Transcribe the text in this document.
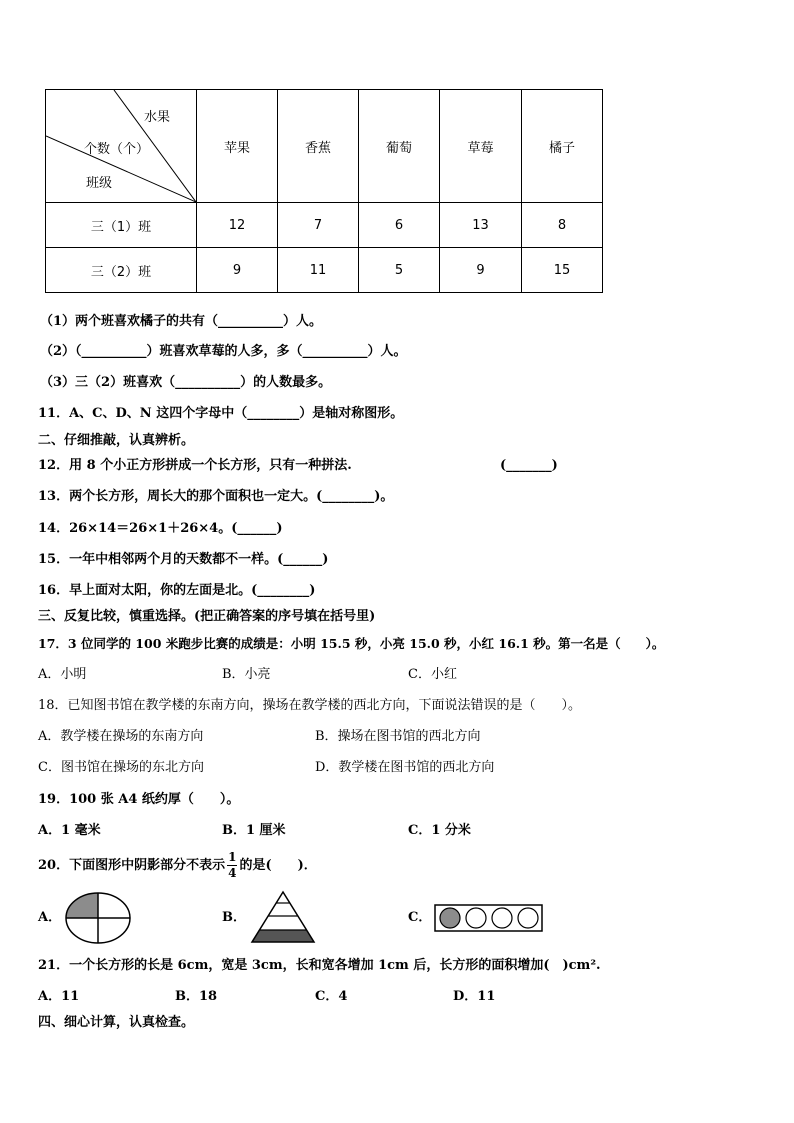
水果
个数（个）
班级	苹果	香蕉	葡萄	草莓	橘子
三（1）班	12	7	6	13	8
三（2）班	9	11	5	9	15
（1）两个班喜欢橘子的共有（__________）人。
（2）（__________）班喜欢草莓的人多，多（__________）人。
（3）三（2）班喜欢（__________）的人数最多。
11．A、C、D、N 这四个字母中（________）是轴对称图形。
二、仔细推敲，认真辨析。
12．用 8 个小正方形拼成一个长方形，只有一种拼法.	(_______)
13．两个长方形，周长大的那个面积也一定大。(________)。
14．26×14＝26×1＋26×4。(______)
15．一年中相邻两个月的天数都不一样。(______)
16．早上面对太阳，你的左面是北。(________)
三、反复比较，慎重选择。(把正确答案的序号填在括号里)
17．3 位同学的 100 米跑步比赛的成绩是：小明 15.5 秒，小亮 15.0 秒，小红 16.1 秒。第一名是（　　）。
A．小明	B．小亮	C．小红
18．已知图书馆在教学楼的东南方向，操场在教学楼的西北方向，下面说法错误的是（　　）。
A．教学楼在操场的东南方向	B．操场在图书馆的西北方向
C．图书馆在操场的东北方向	D．教学楼在图书馆的西北方向
19．100 张 A4 纸约厚（　　）。
A．1 毫米	B．1 厘米	C．1 分米
20．下面图形中阴影部分不表示 $\frac{1}{4}$ 的是(　　)．
A．	B．	C．
21．一个长方形的长是 6cm，宽是 3cm，长和宽各增加 1cm 后，长方形的面积增加(　)cm².
A．11	B．18	C．4	D．11
四、细心计算，认真检查。
